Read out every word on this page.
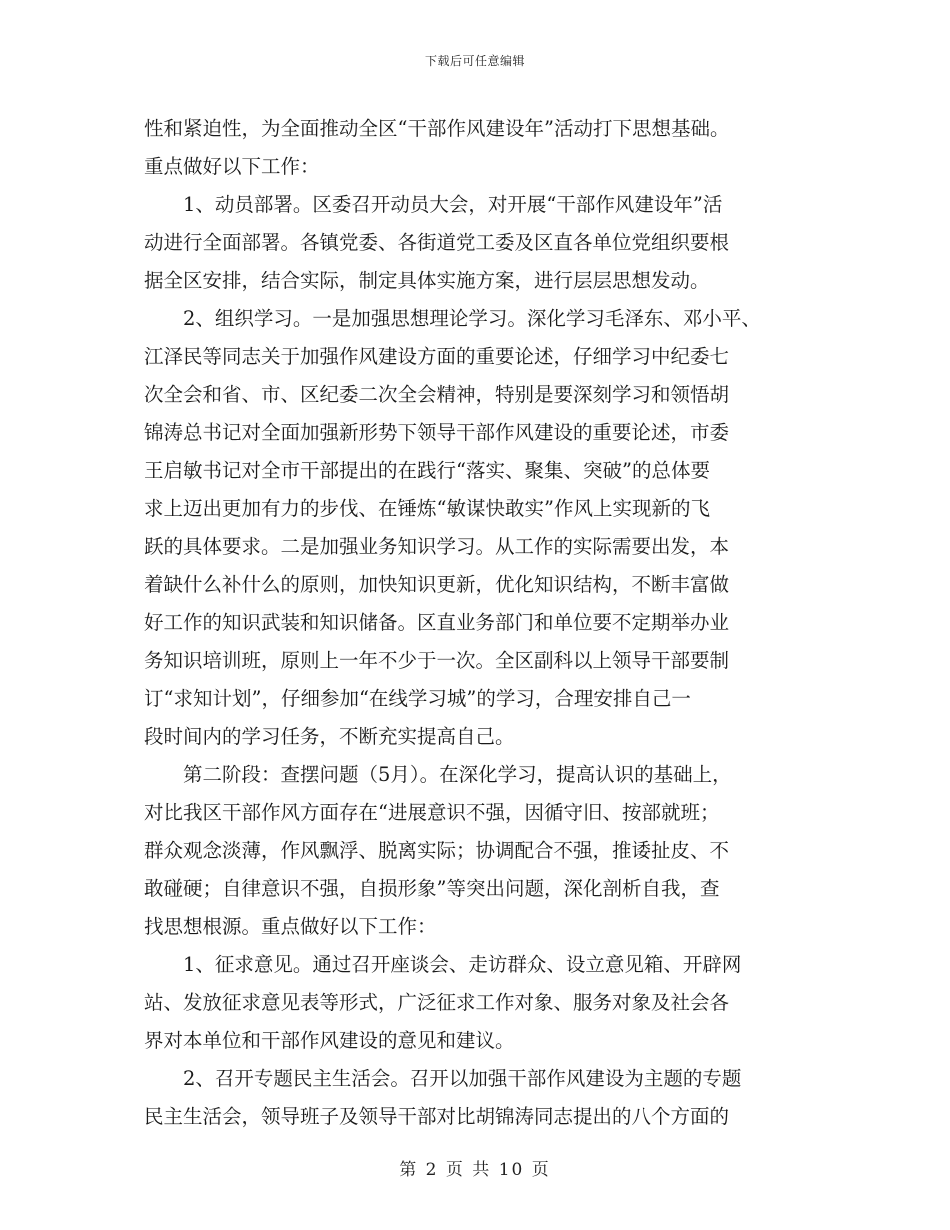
下载后可任意编辑
性和紧迫性，为全面推动全区“干部作风建设年”活动打下思想基础。
重点做好以下工作：
1、动员部署。区委召开动员大会，对开展“干部作风建设年”活
动进行全面部署。各镇党委、各街道党工委及区直各单位党组织要根
据全区安排，结合实际，制定具体实施方案，进行层层思想发动。
2、组织学习。一是加强思想理论学习。深化学习毛泽东、邓小平、
江泽民等同志关于加强作风建设方面的重要论述，仔细学习中纪委七
次全会和省、市、区纪委二次全会精神，特别是要深刻学习和领悟胡
锦涛总书记对全面加强新形势下领导干部作风建设的重要论述，市委
王启敏书记对全市干部提出的在践行“落实、聚集、突破”的总体要
求上迈出更加有力的步伐、在锤炼“敏谋快敢实”作风上实现新的飞
跃的具体要求。二是加强业务知识学习。从工作的实际需要出发，本
着缺什么补什么的原则，加快知识更新，优化知识结构，不断丰富做
好工作的知识武装和知识储备。区直业务部门和单位要不定期举办业
务知识培训班，原则上一年不少于一次。全区副科以上领导干部要制
订“求知计划”，仔细参加“在线学习城”的学习，合理安排自己一
段时间内的学习任务，不断充实提高自己。
第二阶段：查摆问题（5月）。在深化学习，提高认识的基础上，
对比我区干部作风方面存在“进展意识不强，因循守旧、按部就班；
群众观念淡薄，作风飘浮、脱离实际；协调配合不强，推诿扯皮、不
敢碰硬；自律意识不强，自损形象”等突出问题，深化剖析自我，查
找思想根源。重点做好以下工作：
1、征求意见。通过召开座谈会、走访群众、设立意见箱、开辟网
站、发放征求意见表等形式，广泛征求工作对象、服务对象及社会各
界对本单位和干部作风建设的意见和建议。
2、召开专题民主生活会。召开以加强干部作风建设为主题的专题
民主生活会，领导班子及领导干部对比胡锦涛同志提出的八个方面的
第 2 页 共 10 页
